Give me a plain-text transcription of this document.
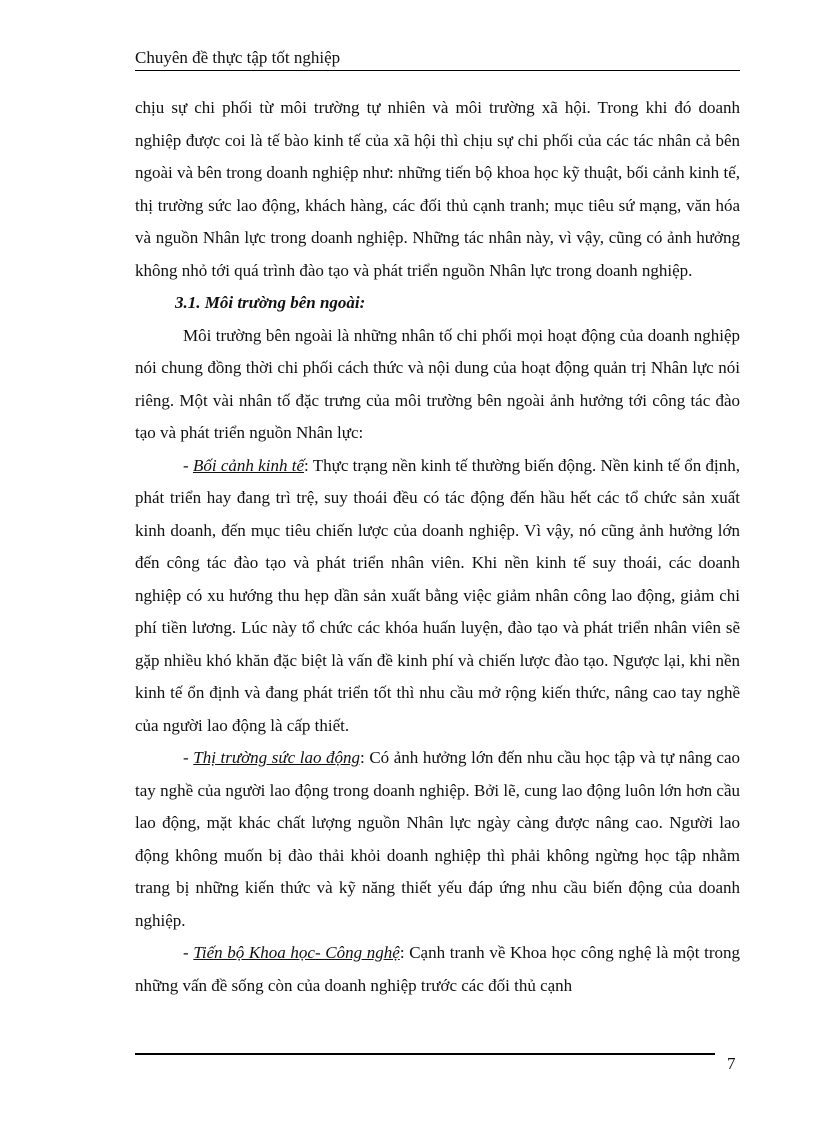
Chuyên đề thực tập tốt nghiệp

chịu sự chi phối từ môi trường tự nhiên và môi trường xã hội. Trong khi đó doanh nghiệp được coi là tế bào kinh tế của xã hội thì chịu sự chi phối của các tác nhân cả bên ngoài và bên trong doanh nghiệp như: những tiến bộ khoa học kỹ thuật, bối cảnh kinh tế, thị trường sức lao động, khách hàng, các đối thủ cạnh tranh; mục tiêu sứ mạng, văn hóa và nguồn Nhân lực trong doanh nghiệp. Những tác nhân này, vì vậy, cũng có ảnh hưởng không nhỏ tới quá trình đào tạo và phát triển nguồn Nhân lực trong doanh nghiệp.

3.1. Môi trường bên ngoài:

Môi trường bên ngoài là những nhân tố chi phối mọi hoạt động của doanh nghiệp nói chung đồng thời chi phối cách thức và nội dung của hoạt động quản trị Nhân lực nói riêng. Một vài nhân tố đặc trưng của môi trường bên ngoài ảnh hưởng tới công tác đào tạo và phát triển nguồn Nhân lực:

- Bối cảnh kinh tế: Thực trạng nền kinh tế thường biến động. Nền kinh tế ổn định, phát triển hay đang trì trệ, suy thoái đều có tác động đến hầu hết các tổ chức sản xuất kinh doanh, đến mục tiêu chiến lược của doanh nghiệp. Vì vậy, nó cũng ảnh hưởng lớn đến công tác đào tạo và phát triển nhân viên. Khi nền kinh tế suy thoái, các doanh nghiệp có xu hướng thu hẹp dần sản xuất bằng việc giảm nhân công lao động, giảm chi phí tiền lương. Lúc này tổ chức các khóa huấn luyện, đào tạo và phát triển nhân viên sẽ gặp nhiều khó khăn đặc biệt là vấn đề kinh phí và chiến lược đào tạo. Ngược lại, khi nền kinh tế ổn định và đang phát triển tốt thì nhu cầu mở rộng kiến thức, nâng cao tay nghề của người lao động là cấp thiết.

- Thị trường sức lao động: Có ảnh hưởng lớn đến nhu cầu học tập và tự nâng cao tay nghề của người lao động trong doanh nghiệp. Bởi lẽ, cung lao động luôn lớn hơn cầu lao động, mặt khác chất lượng nguồn Nhân lực ngày càng được nâng cao. Người lao động không muốn bị đào thải khỏi doanh nghiệp thì phải không ngừng học tập nhằm trang bị những kiến thức và kỹ năng thiết yếu đáp ứng nhu cầu biến động của doanh nghiệp.

- Tiến bộ Khoa học- Công nghệ: Cạnh tranh về Khoa học công nghệ là một trong những vấn đề sống còn của doanh nghiệp trước các đối thủ cạnh

7
